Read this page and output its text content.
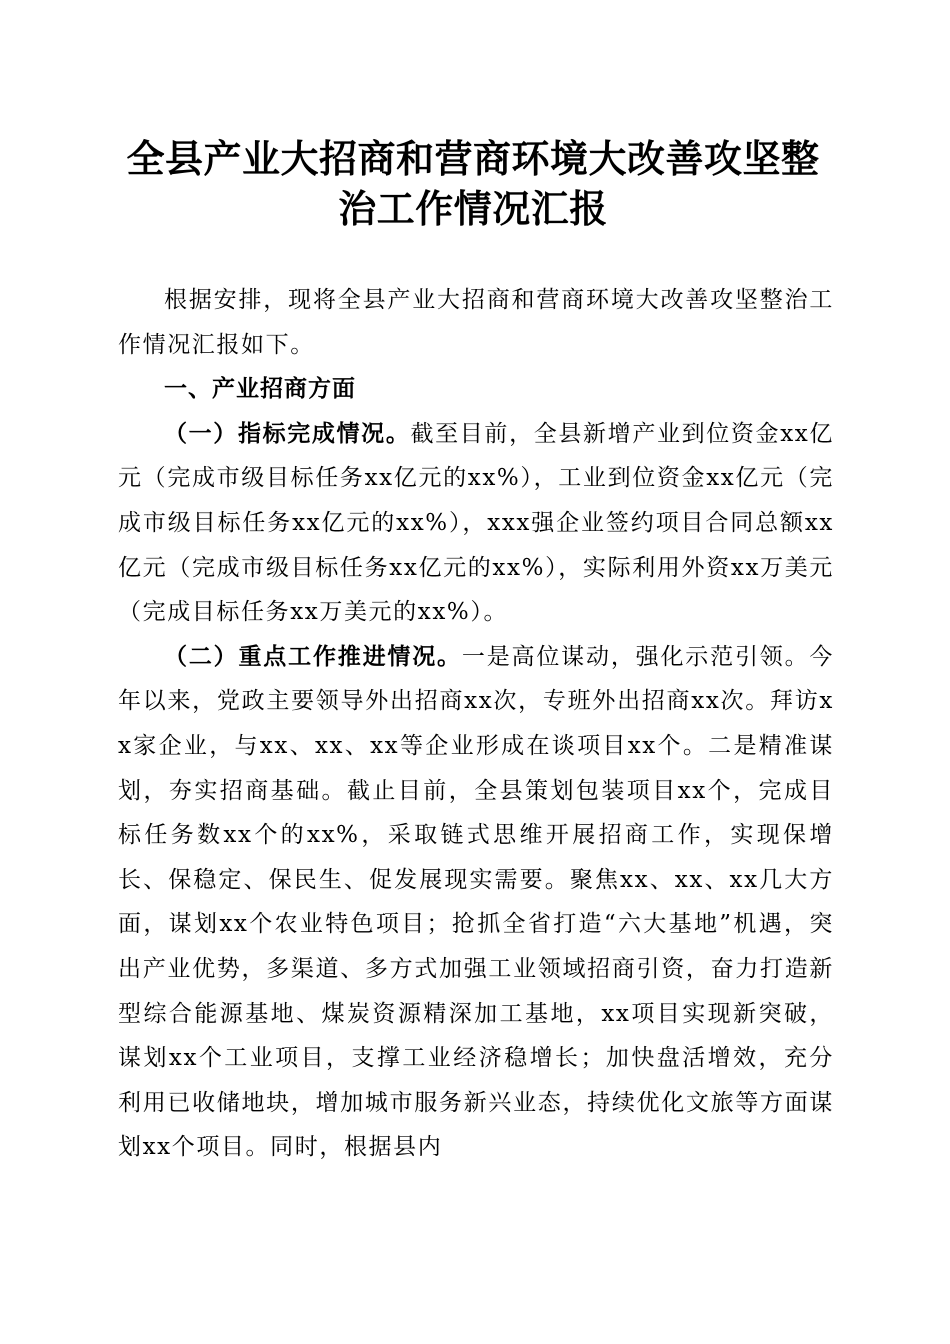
全县产业大招商和营商环境大改善攻坚整治工作情况汇报

根据安排，现将全县产业大招商和营商环境大改善攻坚整治工作情况汇报如下。

一、产业招商方面

（一）指标完成情况。截至目前，全县新增产业到位资金xx亿元（完成市级目标任务xx亿元的xx%），工业到位资金xx亿元（完成市级目标任务xx亿元的xx%），xxx强企业签约项目合同总额xx亿元（完成市级目标任务xx亿元的xx%），实际利用外资xx万美元（完成目标任务xx万美元的xx%）。

（二）重点工作推进情况。一是高位谋动，强化示范引领。今年以来，党政主要领导外出招商xx次，专班外出招商xx次。拜访xx家企业，与xx、xx、xx等企业形成在谈项目xx个。二是精准谋划，夯实招商基础。截止目前，全县策划包装项目xx个，完成目标任务数xx个的xx%，采取链式思维开展招商工作，实现保增长、保稳定、保民生、促发展现实需要。聚焦xx、xx、xx几大方面，谋划xx个农业特色项目；抢抓全省打造“六大基地”机遇，突出产业优势，多渠道、多方式加强工业领域招商引资，奋力打造新型综合能源基地、煤炭资源精深加工基地，xx项目实现新突破，谋划xx个工业项目，支撑工业经济稳增长；加快盘活增效，充分利用已收储地块，增加城市服务新兴业态，持续优化文旅等方面谋划xx个项目。同时，根据县内
